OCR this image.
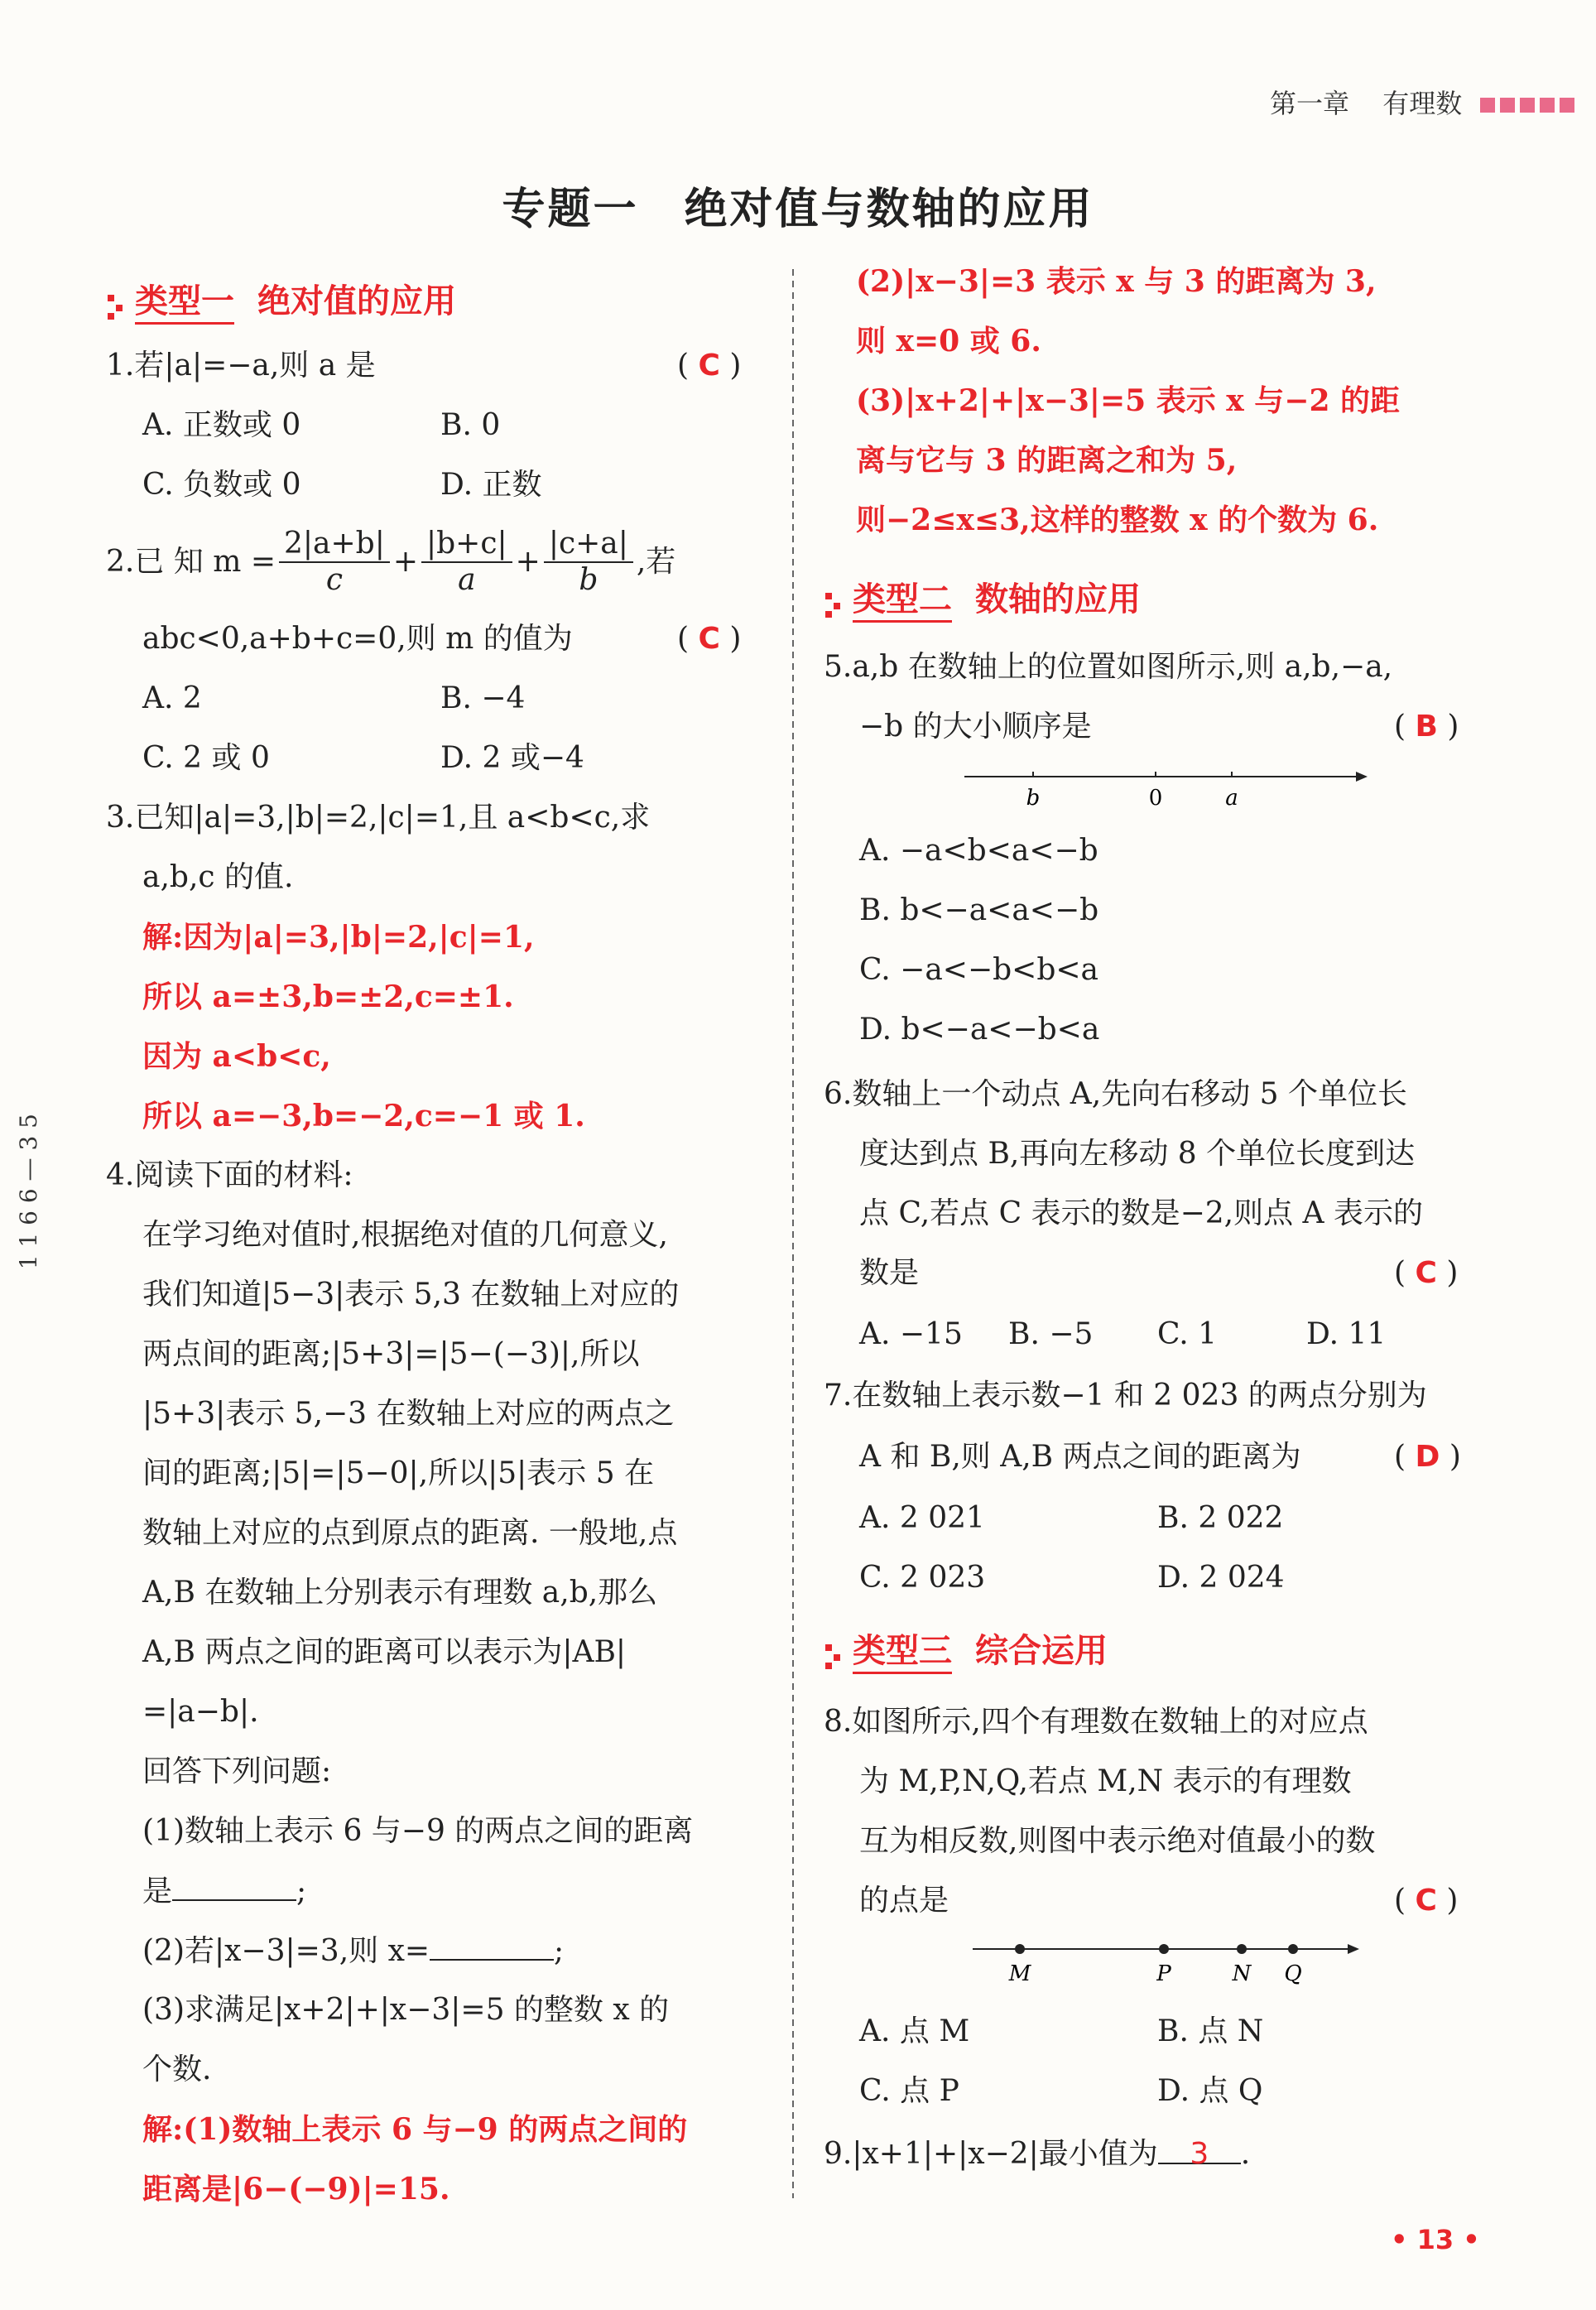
第一章 有理数
专题一　绝对值与数轴的应用
1 1 6 6 — 3 5
类型一 绝对值的应用
1.若|a|=−a,则 a 是	( C )
A. 正数或 0	B. 0
C. 负数或 0	D. 正数
2.已 知 $m = \frac{2|a+b|}{c} + \frac{|b+c|}{a} + \frac{|c+a|}{b}$ ,若
abc<0,a+b+c=0,则 m 的值为	( C )
A. 2	B. −4
C. 2 或 0	D. 2 或−4
3.已知|a|=3,|b|=2,|c|=1,且 a<b<c,求
a,b,c 的值.
解:因为|a|=3,|b|=2,|c|=1,
所以 a=±3,b=±2,c=±1.
因为 a<b<c,
所以 a=−3,b=−2,c=−1 或 1.
4.阅读下面的材料:
在学习绝对值时,根据绝对值的几何意义,
我们知道|5−3|表示 5,3 在数轴上对应的
两点间的距离;|5+3|=|5−(−3)|,所以
|5+3|表示 5,−3 在数轴上对应的两点之
间的距离;|5|=|5−0|,所以|5|表示 5 在
数轴上对应的点到原点的距离. 一般地,点
A,B 在数轴上分别表示有理数 a,b,那么
A,B 两点之间的距离可以表示为|AB|
=|a−b|.
回答下列问题:
(1)数轴上表示 6 与−9 的两点之间的距离
是	;
(2)若|x−3|=3,则 x=	;
(3)求满足|x+2|+|x−3|=5 的整数 x 的
个数.
解:(1)数轴上表示 6 与−9 的两点之间的
距离是|6−(−9)|=15.
(2)|x−3|=3 表示 x 与 3 的距离为 3,
则 x=0 或 6.
(3)|x+2|+|x−3|=5 表示 x 与−2 的距
离与它与 3 的距离之和为 5,
则−2≤x≤3,这样的整数 x 的个数为 6.
类型二 数轴的应用
5.a,b 在数轴上的位置如图所示,则 a,b,−a,
−b 的大小顺序是	( B )
b	0	a
A. −a<b<a<−b
B. b<−a<a<−b
C. −a<−b<b<a
D. b<−a<−b<a
6.数轴上一个动点 A,先向右移动 5 个单位长
度达到点 B,再向左移动 8 个单位长度到达
点 C,若点 C 表示的数是−2,则点 A 表示的
数是	( C )
A. −15 B. −5 C. 1	D. 11
7.在数轴上表示数−1 和 2 023 的两点分别为
A 和 B,则 A,B 两点之间的距离为	( D )
A. 2 021	B. 2 022
C. 2 023	D. 2 024
类型三 综合运用
8.如图所示,四个有理数在数轴上的对应点
为 M,P,N,Q,若点 M,N 表示的有理数
互为相反数,则图中表示绝对值最小的数
的点是	( C )
M	P	N Q
A. 点 M	B. 点 N
C. 点 P	D. 点 Q
9.|x+1|+|x−2|最小值为 3 .
• 13 •
